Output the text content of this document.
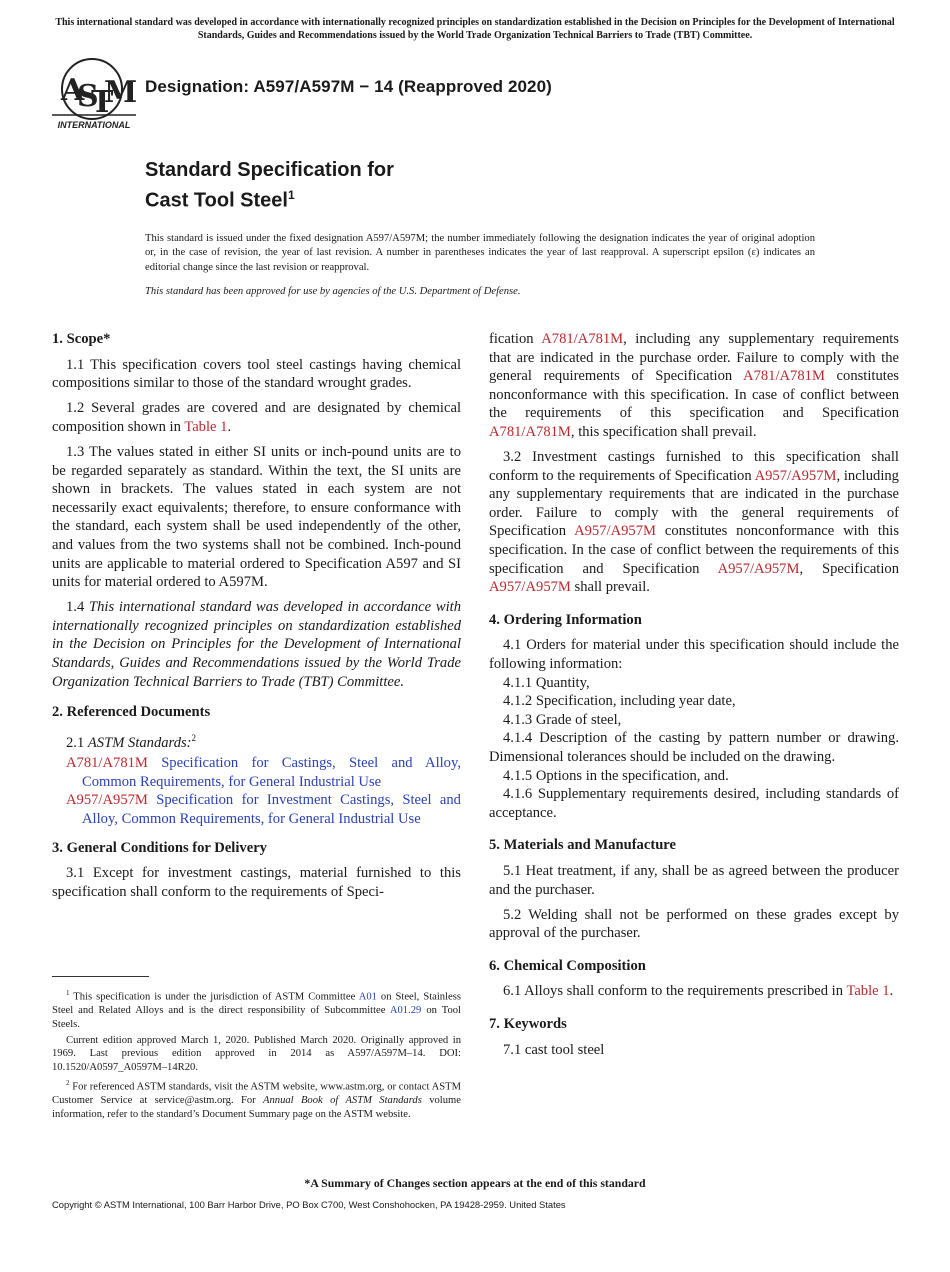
This international standard was developed in accordance with internationally recognized principles on standardization established in the Decision on Principles for the Development of International Standards, Guides and Recommendations issued by the World Trade Organization Technical Barriers to Trade (TBT) Committee.
A
S
T
M
INTERNATIONAL
Designation: A597/A597M − 14 (Reapproved 2020)
Standard Specification for
Cast Tool Steel$^1$
This standard is issued under the fixed designation A597/A597M; the number immediately following the designation indicates the year of original adoption or, in the case of revision, the year of last revision. A number in parentheses indicates the year of last reapproval. A superscript epsilon (ε) indicates an editorial change since the last revision or reapproval.
This standard has been approved for use by agencies of the U.S. Department of Defense.
1. Scope*

1.1 This specification covers tool steel castings having chemical compositions similar to those of the standard wrought grades.

1.2 Several grades are covered and are designated by chemical composition shown in Table 1.

1.3 The values stated in either SI units or inch-pound units are to be regarded separately as standard. Within the text, the SI units are shown in brackets. The values stated in each system are not necessarily exact equivalents; therefore, to ensure conformance with the standard, each system shall be used independently of the other, and values from the two systems shall not be combined. Inch-pound units are applicable to material ordered to Specification A597 and SI units for material ordered to A597M.

1.4 This international standard was developed in accordance with internationally recognized principles on standardization established in the Decision on Principles for the Development of International Standards, Guides and Recommendations issued by the World Trade Organization Technical Barriers to Trade (TBT) Committee.

2. Referenced Documents

2.1 ASTM Standards:$^2$

A781/A781M Specification for Castings, Steel and Alloy, Common Requirements, for General Industrial Use
A957/A957M Specification for Investment Castings, Steel and Alloy, Common Requirements, for General Industrial Use
3. General Conditions for Delivery

3.1 Except for investment castings, material furnished to this specification shall conform to the requirements of Speci-

fication A781/A781M, including any supplementary requirements that are indicated in the purchase order. Failure to comply with the general requirements of Specification A781/A781M constitutes nonconformance with this specification. In case of conflict between the requirements of this specification and Specification A781/A781M, this specification shall prevail.

3.2 Investment castings furnished to this specification shall conform to the requirements of Specification A957/A957M, including any supplementary requirements that are indicated in the purchase order. Failure to comply with the general requirements of Specification A957/A957M constitutes nonconformance with this specification. In the case of conflict between the requirements of this specification and Specification A957/A957M, Specification A957/A957M shall prevail.

4. Ordering Information

4.1 Orders for material under this specification should include the following information:

4.1.1 Quantity,

4.1.2 Specification, including year date,

4.1.3 Grade of steel,

4.1.4 Description of the casting by pattern number or drawing. Dimensional tolerances should be included on the drawing.

4.1.5 Options in the specification, and.

4.1.6 Supplementary requirements desired, including standards of acceptance.

5. Materials and Manufacture

5.1 Heat treatment, if any, shall be as agreed between the producer and the purchaser.

5.2 Welding shall not be performed on these grades except by approval of the purchaser.

6. Chemical Composition

6.1 Alloys shall conform to the requirements prescribed in Table 1.

7. Keywords

7.1 cast tool steel

$^1$ This specification is under the jurisdiction of ASTM Committee A01 on Steel, Stainless Steel and Related Alloys and is the direct responsibility of Subcommittee A01.29 on Tool Steels.

Current edition approved March 1, 2020. Published March 2020. Originally approved in 1969. Last previous edition approved in 2014 as A597/A597M–14. DOI: 10.1520/A0597_A0597M–14R20.

$^2$ For referenced ASTM standards, visit the ASTM website, www.astm.org, or contact ASTM Customer Service at service@astm.org. For Annual Book of ASTM Standards volume information, refer to the standard’s Document Summary page on the ASTM website.

*A Summary of Changes section appears at the end of this standard
Copyright © ASTM International, 100 Barr Harbor Drive, PO Box C700, West Conshohocken, PA 19428-2959. United States
